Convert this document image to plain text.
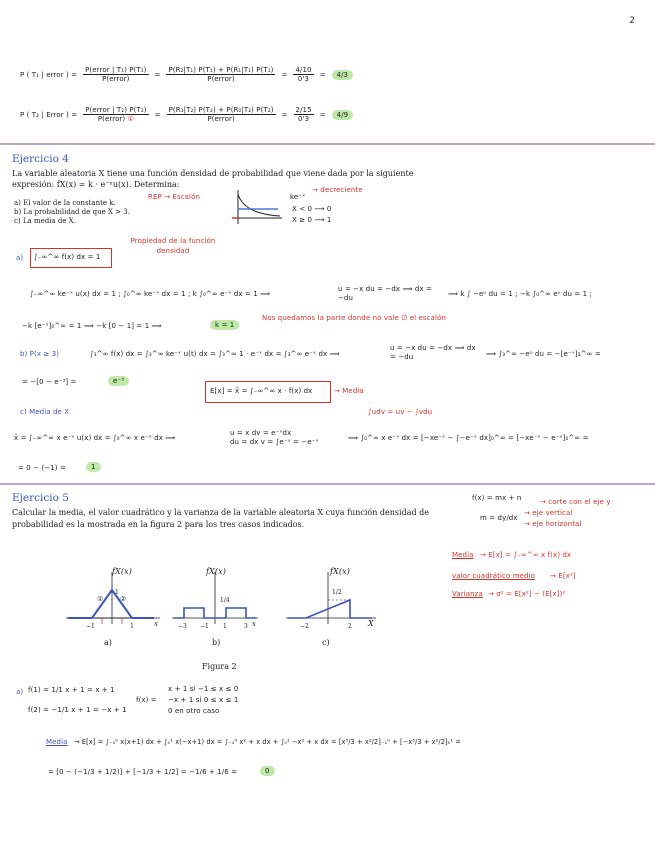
2
P ( T₁ | error ) =
P(error | T₁) P(T₁)
P(error)
=
P(R₂|T₁) P(T₁) + P(R₁|T₁) P(T₁)
P(error)
= $\frac{4/10}{0'3}$ =	4/3
P ( T₂ | Error ) =
P(error | T₂) P(T₂)
P(error) ①
=
P(R₁|T₂) P(T₂) + P(R₀|T₂) P(T₂)
P(error)
= $\frac{2/15}{0'3}$ =	4/9
Ejercicio 4
La variable aleatoria X tiene una función densidad de probabilidad que viene dada por la siguiente
expresión: fX(x) = k · e⁻ˣu(x). Determina:
REP → Escalón
a) El valor de la constante k.
b) La probabilidad de que X > 3.
c) La media de X.
ke⁻ˣ
→ decreciente
X < 0 ⟶ 0
X ≥ 0 ⟶ 1
a) ∫₋∞^∞ f(x) dx = 1
Propiedad de la función densidad
∫₋∞^∞ ke⁻ˣ u(x) dx = 1 ; ∫₀^∞ ke⁻ˣ dx = 1 ; k ∫₀^∞ e⁻ˣ dx = 1 ⟹
u = −x du = −dx ⟹ dx = −du	⟹ k ∫ −eᵘ du = 1 ; −k ∫₀^∞ eᵘ du = 1 ;
−k [e⁻ˣ]₀^∞ = 1 ⟹ −k [0 − 1] = 1 ⟹	k = 1
Nos quedamos la parte donde no vale ∅ el escalón
b) P(x ≥ 3)	∫₃^∞ f(x) dx = ∫₃^∞ ke⁻ˣ u(t) dx = ∫₃^∞ 1 · e⁻ˣ dx = ∫₃^∞ e⁻ˣ dx ⟹
u = −x du = −dx ⟹ dx = −du	⟹ ∫₃^∞ −eᵘ du = −[e⁻ˣ]₃^∞ =
= −[0 − e⁻³] =	e⁻³
E[x] = x̄ = ∫₋∞^∞ x · f(x) dx	→ Media
c) Media de X	∫udv = uv − ∫vdu
x̄ = ∫₋∞^∞ x e⁻ˣ u(x) dx = ∫₀^∞ x e⁻ˣ dx ⟹
u = x dv = e⁻ˣdx
du = dx v = ∫e⁻ˣ = −e⁻ˣ	⟹ ∫₀^∞ x e⁻ˣ dx = [−xe⁻ˣ − ∫−e⁻ˣ dx]₀^∞ = [−xe⁻ˣ − e⁻ˣ]₀^∞ =
= 0 − (−1) =	1
Ejercicio 5
Calcular la media, el valor cuadrático y la varianza de la variable aleatoria X cuya función densidad de
probabilidad es la mostrada en la figura 2 para los tres casos indicados.
f(x) = mx + n	→ corte con el eje y
m = dy/dx
→ eje vertical
→ eje horizontal
Media → E[x] = ∫₋∞^∞ x f(x) dx
valor cuadrático medio → E[x²]
Varianza → σ² = E[x²] − (E[x])²
① ②
1
−1	1	x
fX(x)
a)
1/4
−3 −1 1	3 x
fX(x)
b)
1/2
−2	2 X
fX(x)
c)
Figura 2
a) f(1) = 1/1 x + 1 = x + 1
f(2) = −1/1 x + 1 = −x + 1
f(x) =
x + 1 si −1 ≤ x ≤ 0
−x + 1 si 0 ≤ x ≤ 1
0 en otro caso
Media → E[x] = ∫₋₁⁰ x(x+1) dx + ∫₀¹ x(−x+1) dx = ∫₋₁⁰ x² + x dx + ∫₀¹ −x² + x dx = [x³/3 + x²/2]₋₁⁰ + [−x³/3 + x²/2]₀¹ =
= [0 − (−1/3 + 1/2)] + [−1/3 + 1/2] = −1/6 + 1/6 =	0
